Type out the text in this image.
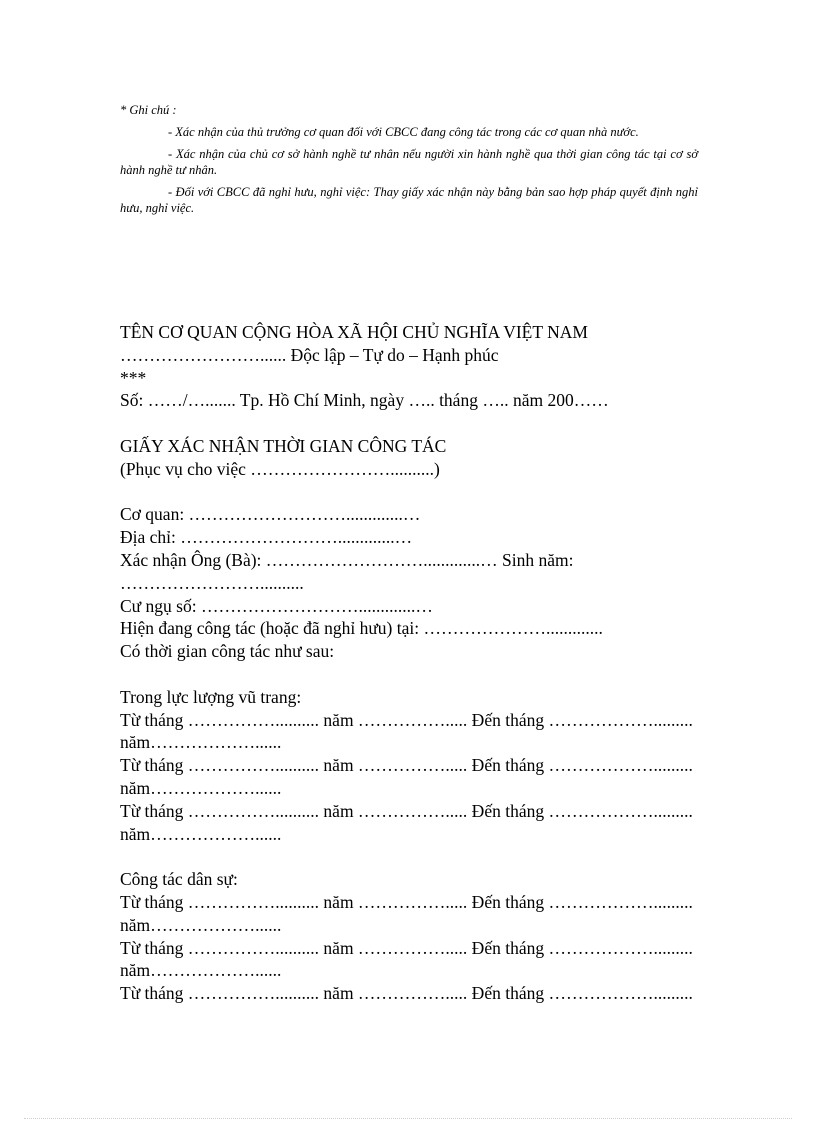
* Ghi chú :

- Xác nhận của thủ trưởng cơ quan đối với CBCC đang công tác trong các cơ quan nhà nước.

- Xác nhận của chủ cơ sở hành nghề tư nhân nếu người xin hành nghề qua thời gian công tác tại cơ sở hành nghề tư nhân.

- Đối với CBCC đã nghỉ hưu, nghỉ việc: Thay giấy xác nhận này bằng bản sao hợp pháp quyết định nghỉ hưu, nghỉ việc.

TÊN CƠ QUAN CỘNG HÒA XÃ HỘI CHỦ NGHĨA VIỆT NAM
……………………...... Độc lập – Tự do – Hạnh phúc
***
Số: ……/…....... Tp. Hồ Chí Minh, ngày ….. tháng ….. năm 200……
GIẤY XÁC NHẬN THỜI GIAN CÔNG TÁC
(Phục vụ cho việc ……………………..........)
Cơ quan: ……………………….............…
Địa chỉ: ……………………….............…
Xác nhận Ông (Bà): ……………………….............… Sinh năm:
……………………..........
Cư ngụ số: ……………………….............…
Hiện đang công tác (hoặc đã nghỉ hưu) tại: ………………….............
Có thời gian công tác như sau:
Trong lực lượng vũ trang:
Từ tháng …………….......... năm ……………..... Đến tháng ……………….........
năm………………......
Từ tháng …………….......... năm ……………..... Đến tháng ……………….........
năm………………......
Từ tháng …………….......... năm ……………..... Đến tháng ……………….........
năm………………......
Công tác dân sự:
Từ tháng …………….......... năm ……………..... Đến tháng ……………….........
năm………………......
Từ tháng …………….......... năm ……………..... Đến tháng ……………….........
năm………………......
Từ tháng …………….......... năm ……………..... Đến tháng ……………….........
